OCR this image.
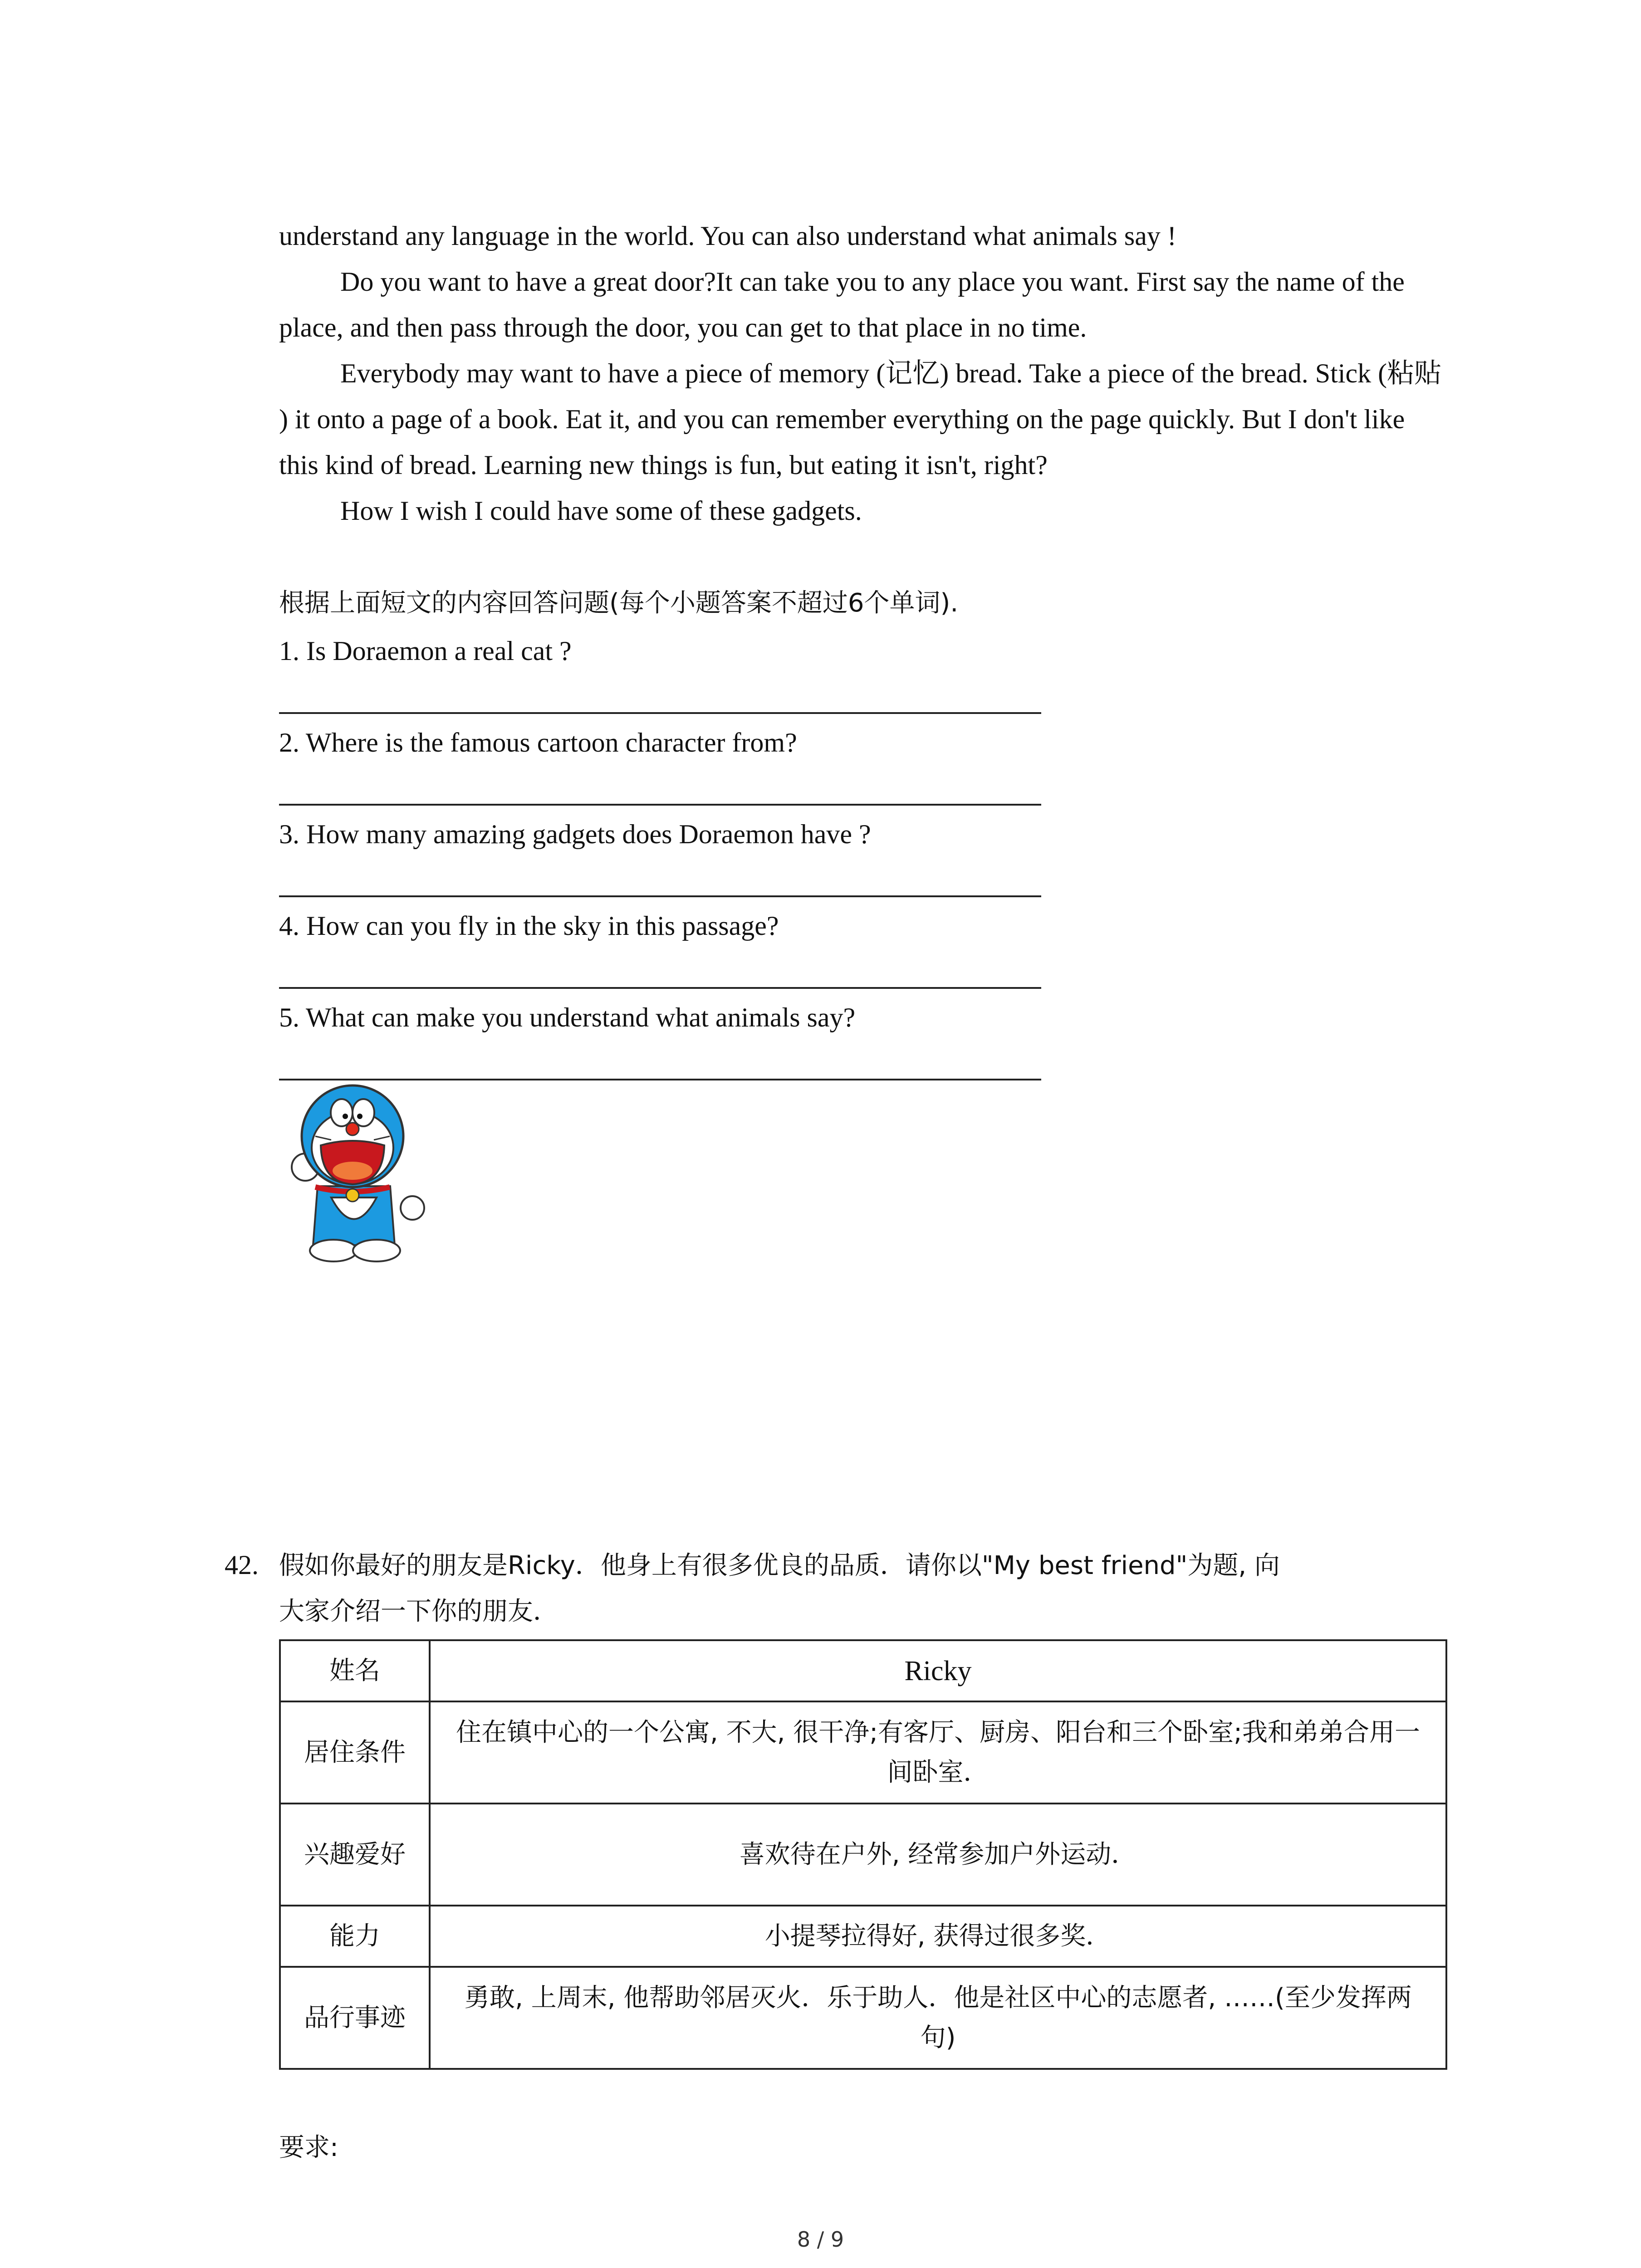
understand any language in the world. You can also understand what animals say !

Do you want to have a great door?It can take you to any place you want. First say the name of the place, and then pass through the door, you can get to that place in no time.

Everybody may want to have a piece of memory (记忆) bread. Take a piece of the bread. Stick (粘贴 ) it onto a page of a book. Eat it, and you can remember everything on the page quickly. But I don't like this kind of bread. Learning new things is fun, but eating it isn't, right?

How I wish I could have some of these gadgets.

根据上面短文的内容回答问题(每个小题答案不超过6个单词).

1. Is Doraemon a real cat ?

2. Where is the famous cartoon character from?

3. How many amazing gadgets does Doraemon have ?

4. How can you fly in the sky in this passage?

5. What can make you understand what animals say?

42. 假如你最好的朋友是Ricky．他身上有很多优良的品质．请你以"My best friend"为题, 向
大家介绍一下你的朋友．
姓名	Ricky
居住条件	住在镇中心的一个公寓, 不大, 很干净;有客厅、厨房、阳台和三个卧室;我和弟弟合用一间卧室．
兴趣爱好	喜欢待在户外, 经常参加户外运动．
能力	小提琴拉得好, 获得过很多奖．
品行事迹	勇敢, 上周末, 他帮助邻居灭火．乐于助人．他是社区中心的志愿者, ……(至少发挥两句)

要求:

8 / 9
